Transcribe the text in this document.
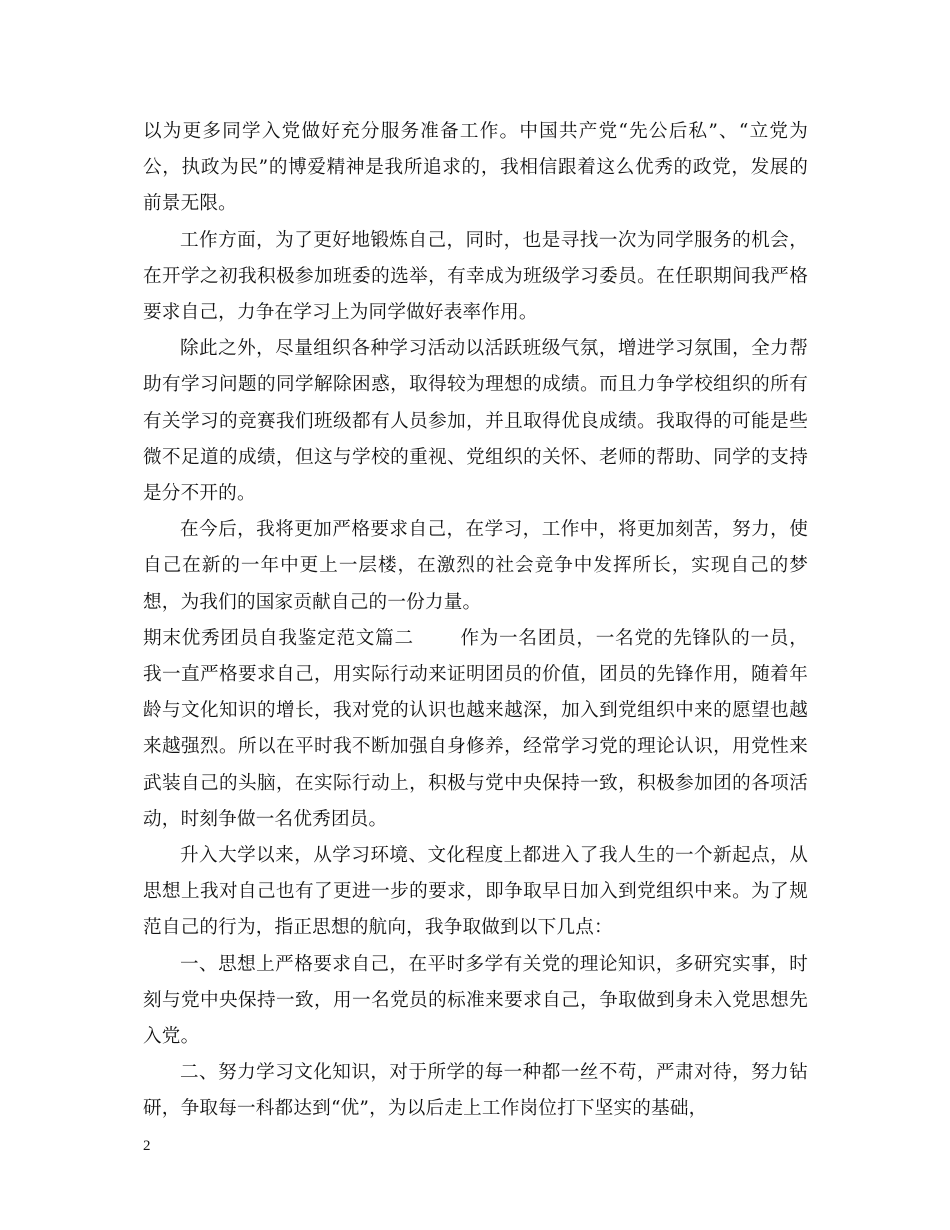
以为更多同学入党做好充分服务准备工作。中国共产党“先公后私”、“立党为公，执政为民”的博爱精神是我所追求的，我相信跟着这么优秀的政党，发展的前景无限。

工作方面，为了更好地锻炼自己，同时，也是寻找一次为同学服务的机会，在开学之初我积极参加班委的选举，有幸成为班级学习委员。在任职期间我严格要求自己，力争在学习上为同学做好表率作用。

除此之外，尽量组织各种学习活动以活跃班级气氛，增进学习氛围，全力帮助有学习问题的同学解除困惑，取得较为理想的成绩。而且力争学校组织的所有有关学习的竞赛我们班级都有人员参加，并且取得优良成绩。我取得的可能是些微不足道的成绩，但这与学校的重视、党组织的关怀、老师的帮助、同学的支持是分不开的。

在今后，我将更加严格要求自己，在学习，工作中，将更加刻苦，努力，使自己在新的一年中更上一层楼，在激烈的社会竞争中发挥所长，实现自己的梦想，为我们的国家贡献自己的一份力量。

期末优秀团员自我鉴定范文篇二 作为一名团员，一名党的先锋队的一员，我一直严格要求自己，用实际行动来证明团员的价值，团员的先锋作用，随着年龄与文化知识的增长，我对党的认识也越来越深，加入到党组织中来的愿望也越来越强烈。所以在平时我不断加强自身修养，经常学习党的理论认识，用党性来武装自己的头脑，在实际行动上，积极与党中央保持一致，积极参加团的各项活动，时刻争做一名优秀团员。

升入大学以来，从学习环境、文化程度上都进入了我人生的一个新起点，从思想上我对自己也有了更进一步的要求，即争取早日加入到党组织中来。为了规范自己的行为，指正思想的航向，我争取做到以下几点：

一、思想上严格要求自己，在平时多学有关党的理论知识，多研究实事，时刻与党中央保持一致，用一名党员的标准来要求自己，争取做到身未入党思想先入党。

二、努力学习文化知识，对于所学的每一种都一丝不苟，严肃对待，努力钻研，争取每一科都达到“优”，为以后走上工作岗位打下坚实的基础，

2
